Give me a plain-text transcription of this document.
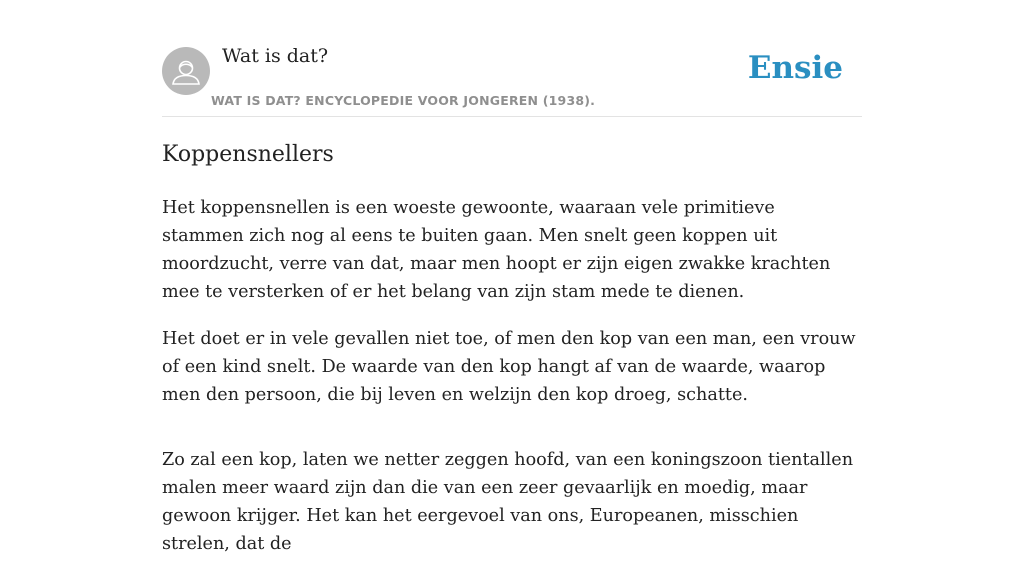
Wat is dat?
WAT IS DAT? ENCYCLOPEDIE VOOR JONGEREN (1938).
Ensie
Koppensnellers

Het koppensnellen is een woeste gewoonte, waaraan vele primitieve stammen zich nog al eens te buiten gaan. Men snelt geen koppen uit moordzucht, verre van dat, maar men hoopt er zijn eigen zwakke krachten mee te versterken of er het belang van zijn stam mede te dienen.

Het doet er in vele gevallen niet toe, of men den kop van een man, een vrouw of een kind snelt. De waarde van den kop hangt af van de waarde, waarop men den persoon, die bij leven en welzijn den kop droeg, schatte.

Zo zal een kop, laten we netter zeggen hoofd, van een koningszoon tientallen malen meer waard zijn dan die van een zeer gevaarlijk en moedig, maar gewoon krijger. Het kan het eergevoel van ons, Europeanen, misschien strelen, dat de
